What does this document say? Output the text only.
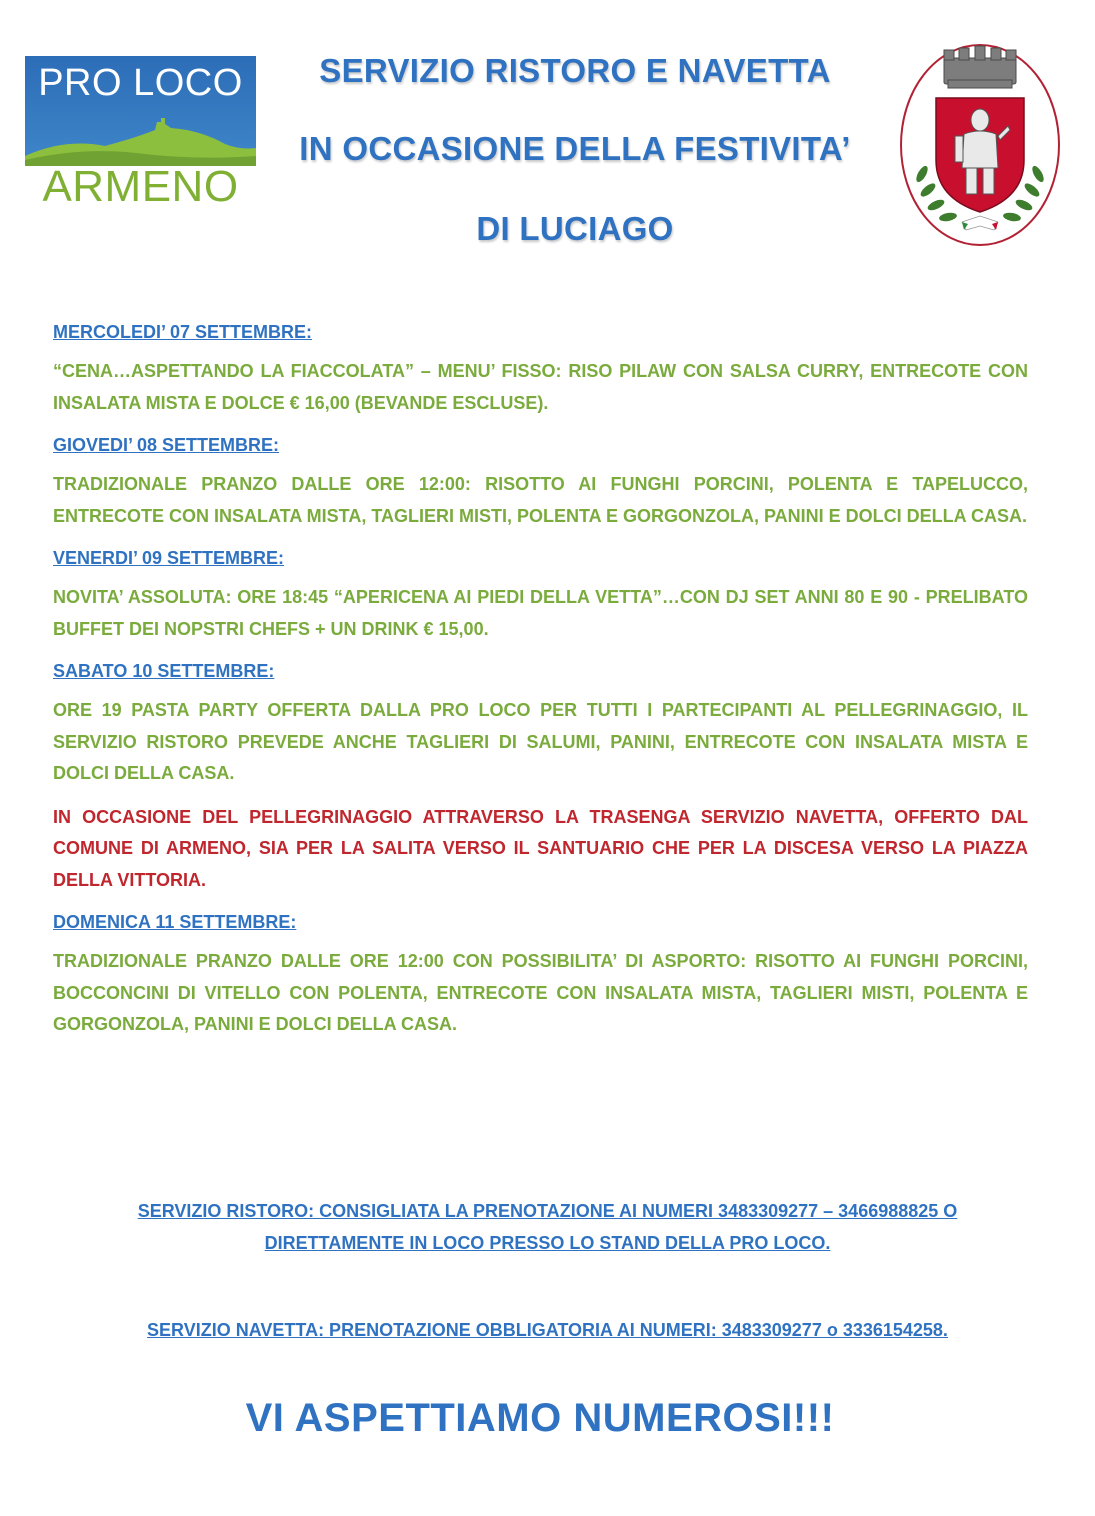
PRO LOCO
ARMENO
SERVIZIO RISTORO E NAVETTA
IN OCCASIONE DELLA FESTIVITA’
DI LUCIAGO
MERCOLEDI’ 07 SETTEMBRE:
“CENA…ASPETTANDO LA FIACCOLATA” – MENU’ FISSO: RISO PILAW CON SALSA CURRY, ENTRECOTE CON INSALATA MISTA E DOLCE € 16,00 (BEVANDE ESCLUSE).
GIOVEDI’ 08 SETTEMBRE:
TRADIZIONALE PRANZO DALLE ORE 12:00: RISOTTO AI FUNGHI PORCINI, POLENTA E TAPELUCCO, ENTRECOTE CON INSALATA MISTA, TAGLIERI MISTI, POLENTA E GORGONZOLA, PANINI E DOLCI DELLA CASA.
VENERDI’ 09 SETTEMBRE:
NOVITA’ ASSOLUTA: ORE 18:45 “APERICENA AI PIEDI DELLA VETTA”…CON DJ SET ANNI 80 E 90 - PRELIBATO BUFFET DEI NOPSTRI CHEFS + UN DRINK € 15,00.
SABATO 10 SETTEMBRE:
ORE 19 PASTA PARTY OFFERTA DALLA PRO LOCO PER TUTTI I PARTECIPANTI AL PELLEGRINAGGIO, IL SERVIZIO RISTORO PREVEDE ANCHE TAGLIERI DI SALUMI, PANINI, ENTRECOTE CON INSALATA MISTA E DOLCI DELLA CASA.
IN OCCASIONE DEL PELLEGRINAGGIO ATTRAVERSO LA TRASENGA SERVIZIO NAVETTA, OFFERTO DAL COMUNE DI ARMENO, SIA PER LA SALITA VERSO IL SANTUARIO CHE PER LA DISCESA VERSO LA PIAZZA DELLA VITTORIA.
DOMENICA 11 SETTEMBRE:
TRADIZIONALE PRANZO DALLE ORE 12:00 CON POSSIBILITA’ DI ASPORTO: RISOTTO AI FUNGHI PORCINI, BOCCONCINI DI VITELLO CON POLENTA, ENTRECOTE CON INSALATA MISTA, TAGLIERI MISTI, POLENTA E GORGONZOLA, PANINI E DOLCI DELLA CASA.
SERVIZIO RISTORO: CONSIGLIATA LA PRENOTAZIONE AI NUMERI 3483309277 – 3466988825 O
DIRETTAMENTE IN LOCO PRESSO LO STAND DELLA PRO LOCO.
SERVIZIO NAVETTA: PRENOTAZIONE OBBLIGATORIA AI NUMERI: 3483309277 o 3336154258.
VI ASPETTIAMO NUMEROSI!!!
